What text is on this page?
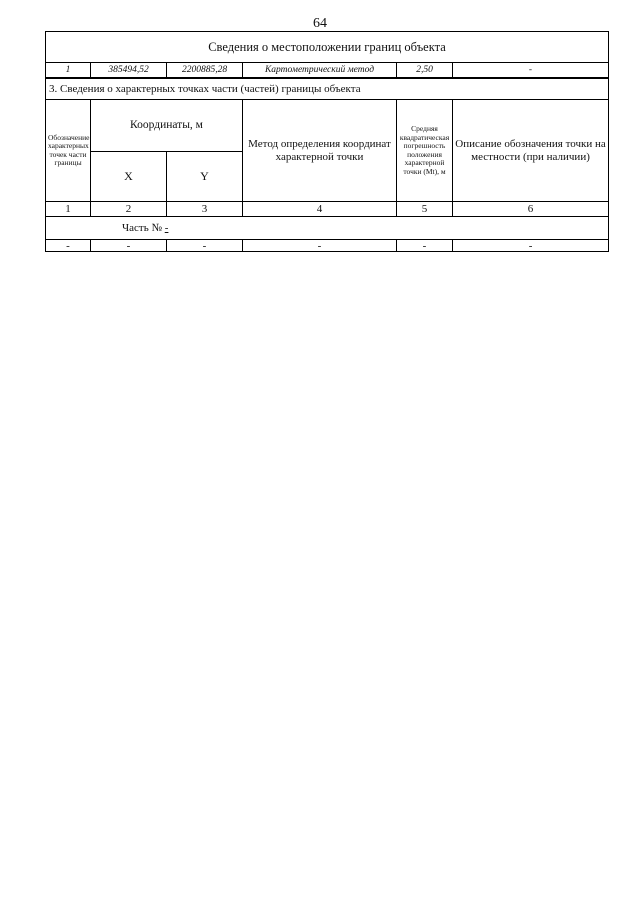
64
Сведения о местоположении границ объекта
1	385494,52	2200885,28	Картометрический метод	2,50	-
3. Сведения о характерных точках части (частей) границы объекта					
Обозначение характерных точек части границы	Координаты, м		Метод определения координат характерной точки	Средняя квадратическая погрешность положения характерной точки (Mt), м	Описание обозначения точки на местности (при наличии)
	X	Y			
1	2	3	4	5	6
Часть № -					
-	-	-	-	-	-
